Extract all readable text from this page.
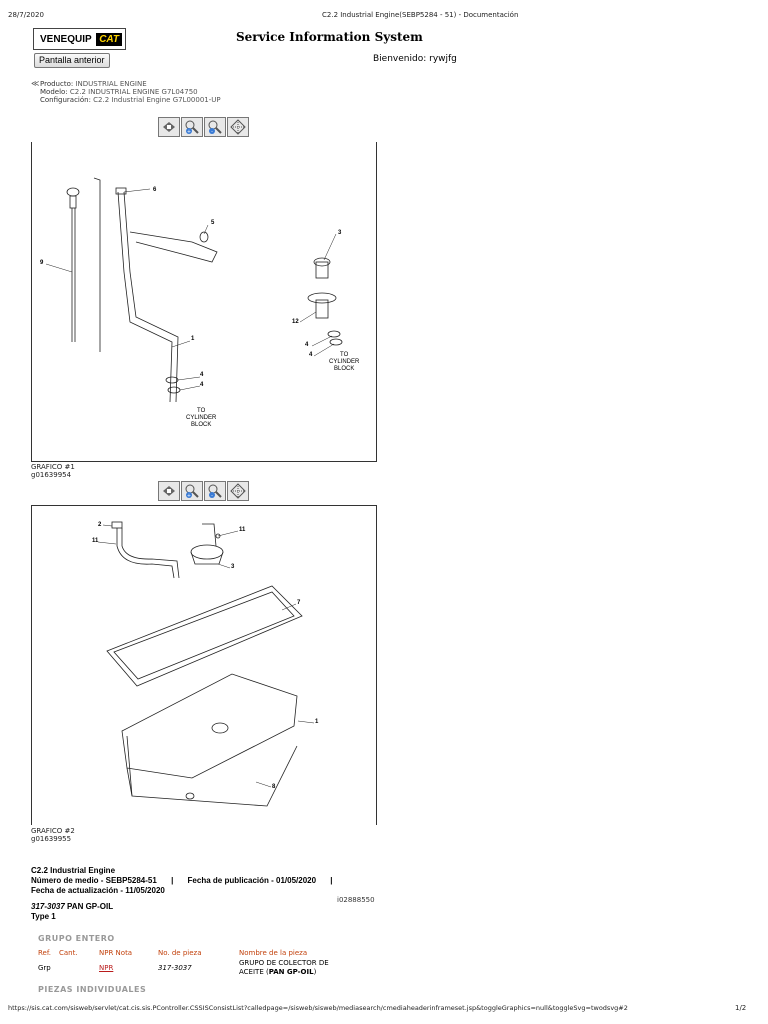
28/7/2020	C2.2 Industrial Engine(SEBP5284 - 51) - Documentación
VENEQUIP CAT
Pantalla anterior
Service Information System
Bienvenido: rywjfg
≪ Producto: INDUSTRIAL ENGINE
Modelo: C2.2 INDUSTRIAL ENGINE G7L04750
Configuración: C2.2 Industrial Engine G7L00001-UP
+	-
6
5
3
9
12
1
4
4
4
4
TO
CYLINDER
BLOCK
TO
CYLINDER
BLOCK
GRAFICO #1
g01639954
+	-
2
11
11
3
7
1
8
GRAFICO #2
g01639955
C2.2 Industrial Engine
Número de medio - SEBP5284-51 | Fecha de publicación - 01/05/2020 |
Fecha de actualización - 11/05/2020
i02888550
317-3037 PAN GP-OIL
Type 1
GRUPO ENTERO
Ref. Cant.	NPR Nota	No. de pieza	Nombre de la pieza
Grp	NPR	317-3037
GRUPO DE COLECTOR DE
ACEITE (PAN GP-OIL)
PIEZAS INDIVIDUALES
https://sis.cat.com/sisweb/servlet/cat.cis.sis.PController.CSSISConsistList?calledpage=/sisweb/sisweb/mediasearch/cmediaheaderinframeset.jsp&toggleGraphics=null&toggleSvg=twodsvg#2	1/2
